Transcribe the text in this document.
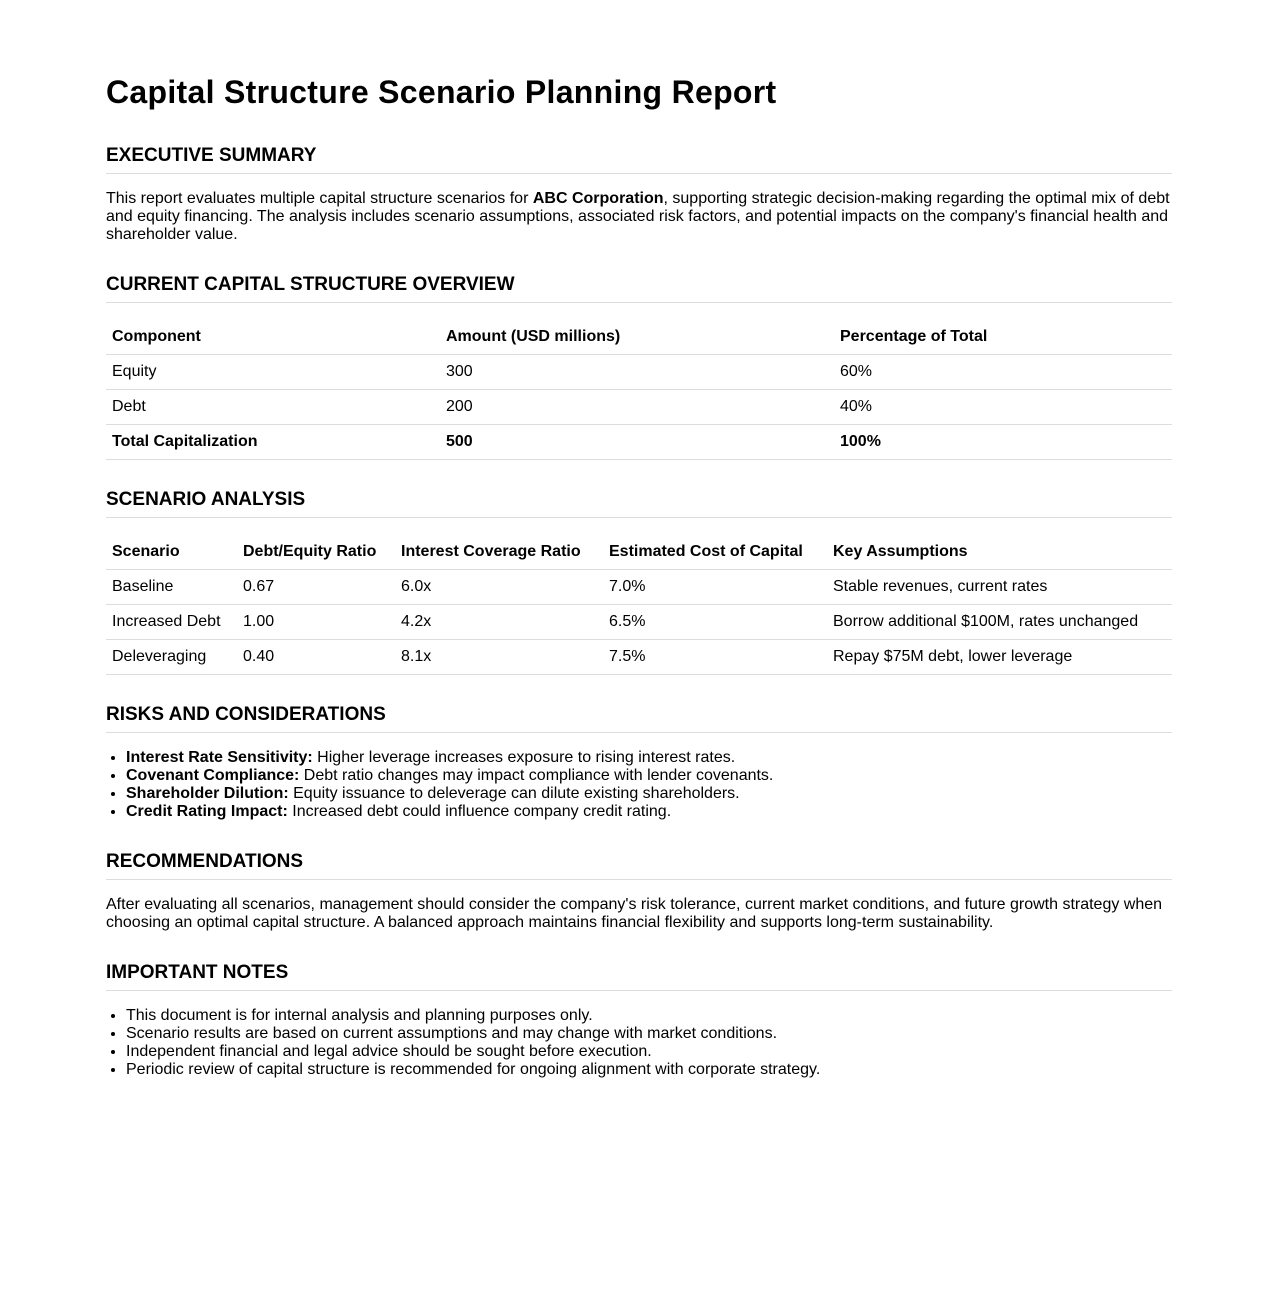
Capital Structure Scenario Planning Report
EXECUTIVE SUMMARY

This report evaluates multiple capital structure scenarios for ABC Corporation, supporting strategic decision-making regarding the optimal mix of debt and equity financing. The analysis includes scenario assumptions, associated risk factors, and potential impacts on the company's financial health and shareholder value.

CURRENT CAPITAL STRUCTURE OVERVIEW
Component	Amount (USD millions)	Percentage of Total
Equity	300	60%
Debt	200	40%
Total Capitalization	500	100%
SCENARIO ANALYSIS
Scenario	Debt/Equity Ratio	Interest Coverage Ratio	Estimated Cost of Capital	Key Assumptions
Baseline	0.67	6.0x	7.0%	Stable revenues, current rates
Increased Debt	1.00	4.2x	6.5%	Borrow additional $100M, rates unchanged
Deleveraging	0.40	8.1x	7.5%	Repay $75M debt, lower leverage
RISKS AND CONSIDERATIONS
• Interest Rate Sensitivity: Higher leverage increases exposure to rising interest rates.
• Covenant Compliance: Debt ratio changes may impact compliance with lender covenants.
• Shareholder Dilution: Equity issuance to deleverage can dilute existing shareholders.
• Credit Rating Impact: Increased debt could influence company credit rating.
RECOMMENDATIONS

After evaluating all scenarios, management should consider the company's risk tolerance, current market conditions, and future growth strategy when choosing an optimal capital structure. A balanced approach maintains financial flexibility and supports long-term sustainability.

IMPORTANT NOTES
• This document is for internal analysis and planning purposes only.
• Scenario results are based on current assumptions and may change with market conditions.
• Independent financial and legal advice should be sought before execution.
• Periodic review of capital structure is recommended for ongoing alignment with corporate strategy.
